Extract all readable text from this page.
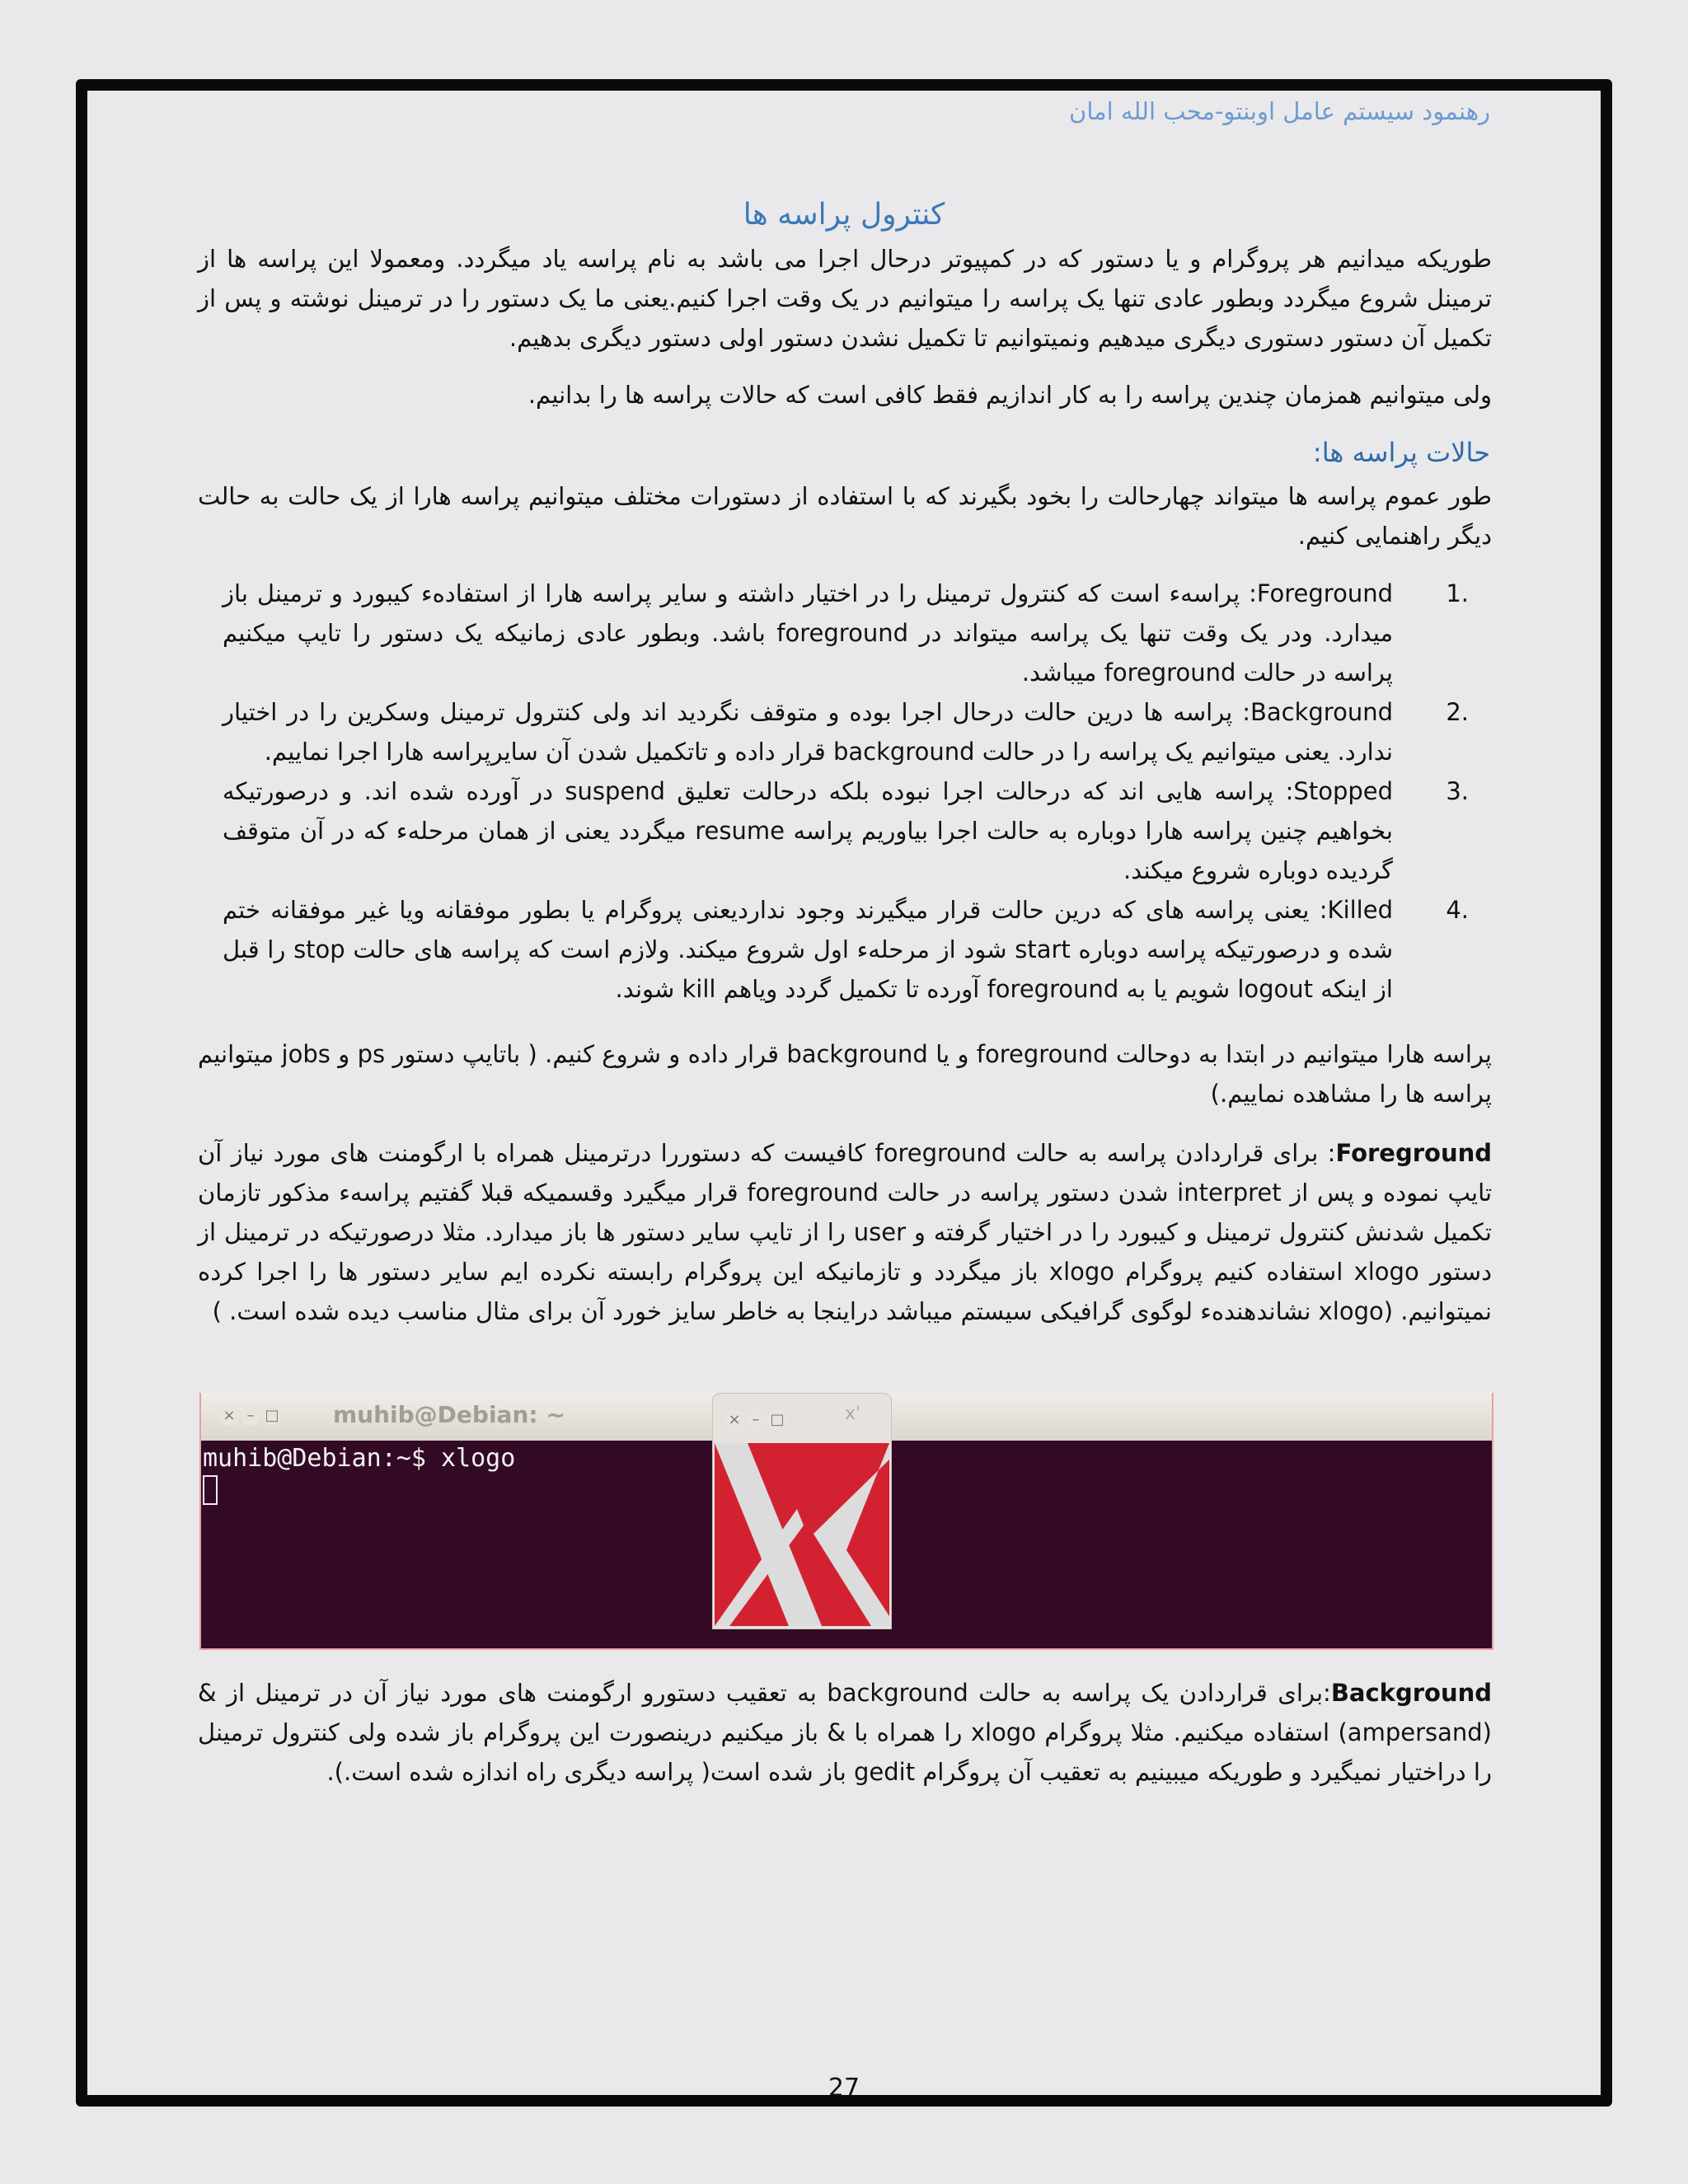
رهنمود سیستم عامل اوبنتو-محب الله امان
کنترول پراسه ها
طوریکه میدانیم هر پروگرام و یا دستور که در کمپیوتر درحال اجرا می باشد به نام پراسه یاد میگردد. ومعمولا این پراسه ها از ترمینل شروع میگردد وبطور عادی تنها یک پراسه را میتوانیم در یک وقت اجرا کنیم.یعنی ما یک دستور را در ترمینل نوشته و پس از تکمیل آن دستور دستوری دیگری میدهیم ونمیتوانیم تا تکمیل نشدن دستور اولی دستور دیگری بدهیم.
ولی میتوانیم همزمان چندین پراسه را به کار اندازیم فقط کافی است که حالات پراسه ها را بدانیم.
حالات پراسه ها:
طور عموم پراسه ها میتواند چهارحالت را بخود بگیرند که با استفاده از دستورات مختلف میتوانیم پراسه هارا از یک حالت به حالت دیگر راهنمایی کنیم.
1.
Foreground: پراسهء است که کنترول ترمینل را در اختیار داشته و سایر پراسه هارا از استفادهء کیبورد و ترمینل باز میدارد. ودر یک وقت تنها یک پراسه میتواند در foreground باشد. وبطور عادی زمانیکه یک دستور را تایپ میکنیم پراسه در حالت foreground میباشد.
2.
Background: پراسه ها درین حالت درحال اجرا بوده و متوقف نگردید اند ولی کنترول ترمینل وسکرین را در اختیار ندارد. یعنی میتوانیم یک پراسه را در حالت background قرار داده و تاتکمیل شدن آن سایرپراسه هارا اجرا نماییم.
3.
Stopped: پراسه هایی اند که درحالت اجرا نبوده بلکه درحالت تعلیق suspend در آورده شده اند. و درصورتیکه بخواهیم چنین پراسه هارا دوباره به حالت اجرا بیاوریم پراسه resume میگردد یعنی از همان مرحلهء که در آن متوقف گردیده دوباره شروع میکند.
4.
Killed: یعنی پراسه های که درین حالت قرار میگیرند وجود نداردیعنی پروگرام یا بطور موفقانه ویا غیر موفقانه ختم شده و درصورتیکه پراسه دوباره start شود از مرحلهء اول شروع میکند. ولازم است که پراسه های حالت stop را قبل از اینکه logout شویم یا به foreground آورده تا تکمیل گردد ویاهم kill شوند.
پراسه هارا میتوانیم در ابتدا به دوحالت foreground و یا background قرار داده و شروع کنیم. ( باتایپ دستور ps و jobs میتوانیم پراسه ها را مشاهده نماییم.)
Foreground: برای قراردادن پراسه به حالت foreground کافیست که دستوررا درترمینل همراه با ارگومنت های مورد نیاز آن تایپ نموده و پس از interpret شدن دستور پراسه در حالت foreground قرار میگیرد وقسمیکه قبلا گفتیم پراسهء مذکور تازمان تکمیل شدنش کنترول ترمینل و کیبورد را در اختیار گرفته و user را از تایپ سایر دستور ها باز میدارد. مثلا درصورتیکه در ترمینل از دستور xlogo استفاده کنیم پروگرام xlogo باز میگردد و تازمانیکه این پروگرام رابسته نکرده ایم سایر دستور ها را اجرا کرده نمیتوانیم. (xlogo نشاندهندهء لوگوی گرافیکی سیستم میباشد دراینجا به خاطر سایز خورد آن برای مثال مناسب دیده شده است. )
× – □ muhib@Debian: ~
muhib@Debian:~$ xlogo
× – □	x'
Background:برای قراردادن یک پراسه به حالت background به تعقیب دستورو ارگومنت های مورد نیاز آن در ترمینل از & (ampersand) استفاده میکنیم. مثلا پروگرام xlogo را همراه با & باز میکنیم درینصورت این پروگرام باز شده ولی کنترول ترمینل را دراختیار نمیگیرد و طوریکه میبینیم به تعقیب آن پروگرام gedit باز شده است( پراسه دیگری راه اندازه شده است.).
27
